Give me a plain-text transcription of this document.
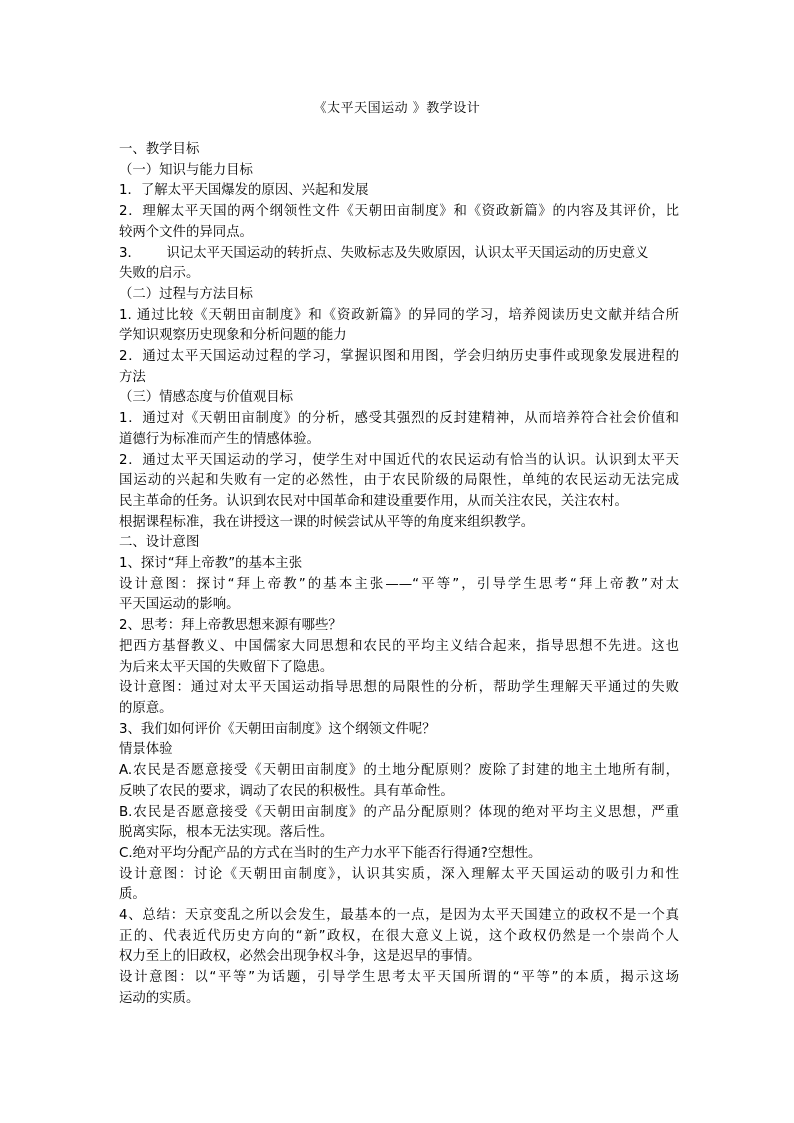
《太平天国运动 》教学设计

一、教学目标

（一）知识与能力目标

1．了解太平天国爆发的原因、兴起和发展

2．理解太平天国的两个纲领性文件《天朝田亩制度》和《资政新篇》的内容及其评价，比

较两个文件的异同点。

3．      识记太平天国运动的转折点、失败标志及失败原因，认识太平天国运动的历史意义

失败的启示。

（二）过程与方法目标

1. 通过比较《天朝田亩制度》和《资政新篇》的异同的学习，培养阅读历史文献并结合所

学知识观察历史现象和分析问题的能力

2．通过太平天国运动过程的学习，掌握识图和用图，学会归纳历史事件或现象发展进程的

方法

（三）情感态度与价值观目标

1．通过对《天朝田亩制度》的分析，感受其强烈的反封建精神，从而培养符合社会价值和

道德行为标准而产生的情感体验。

2．通过太平天国运动的学习，使学生对中国近代的农民运动有恰当的认识。认识到太平天

国运动的兴起和失败有一定的必然性，由于农民阶级的局限性，单纯的农民运动无法完成

民主革命的任务。认识到农民对中国革命和建设重要作用，从而关注农民，关注农村。

根据课程标准，我在讲授这一课的时候尝试从平等的角度来组织教学。

二、设计意图

1、探讨“拜上帝教”的基本主张

设计意图：探讨“拜上帝教”的基本主张——“平等”，引导学生思考“拜上帝教”对太

平天国运动的影响。

2、思考：拜上帝教思想来源有哪些？

把西方基督教义、中国儒家大同思想和农民的平均主义结合起来，指导思想不先进。这也

为后来太平天国的失败留下了隐患。

设计意图：通过对太平天国运动指导思想的局限性的分析，帮助学生理解天平通过的失败

的原意。

3、我们如何评价《天朝田亩制度》这个纲领文件呢？

情景体验

A.农民是否愿意接受《天朝田亩制度》的土地分配原则？废除了封建的地主土地所有制，

反映了农民的要求，调动了农民的积极性。具有革命性。

B.农民是否愿意接受《天朝田亩制度》的产品分配原则？体现的绝对平均主义思想，严重

脱离实际，根本无法实现。落后性。

C.绝对平均分配产品的方式在当时的生产力水平下能否行得通?空想性。

设计意图：讨论《天朝田亩制度》，认识其实质，深入理解太平天国运动的吸引力和性

质。

4、总结：天京变乱之所以会发生，最基本的一点，是因为太平天国建立的政权不是一个真

正的、代表近代历史方向的“新”政权，在很大意义上说，这个政权仍然是一个崇尚个人

权力至上的旧政权，必然会出现争权斗争，这是迟早的事情。

设计意图：以“平等”为话题，引导学生思考太平天国所谓的“平等”的本质，揭示这场

运动的实质。
